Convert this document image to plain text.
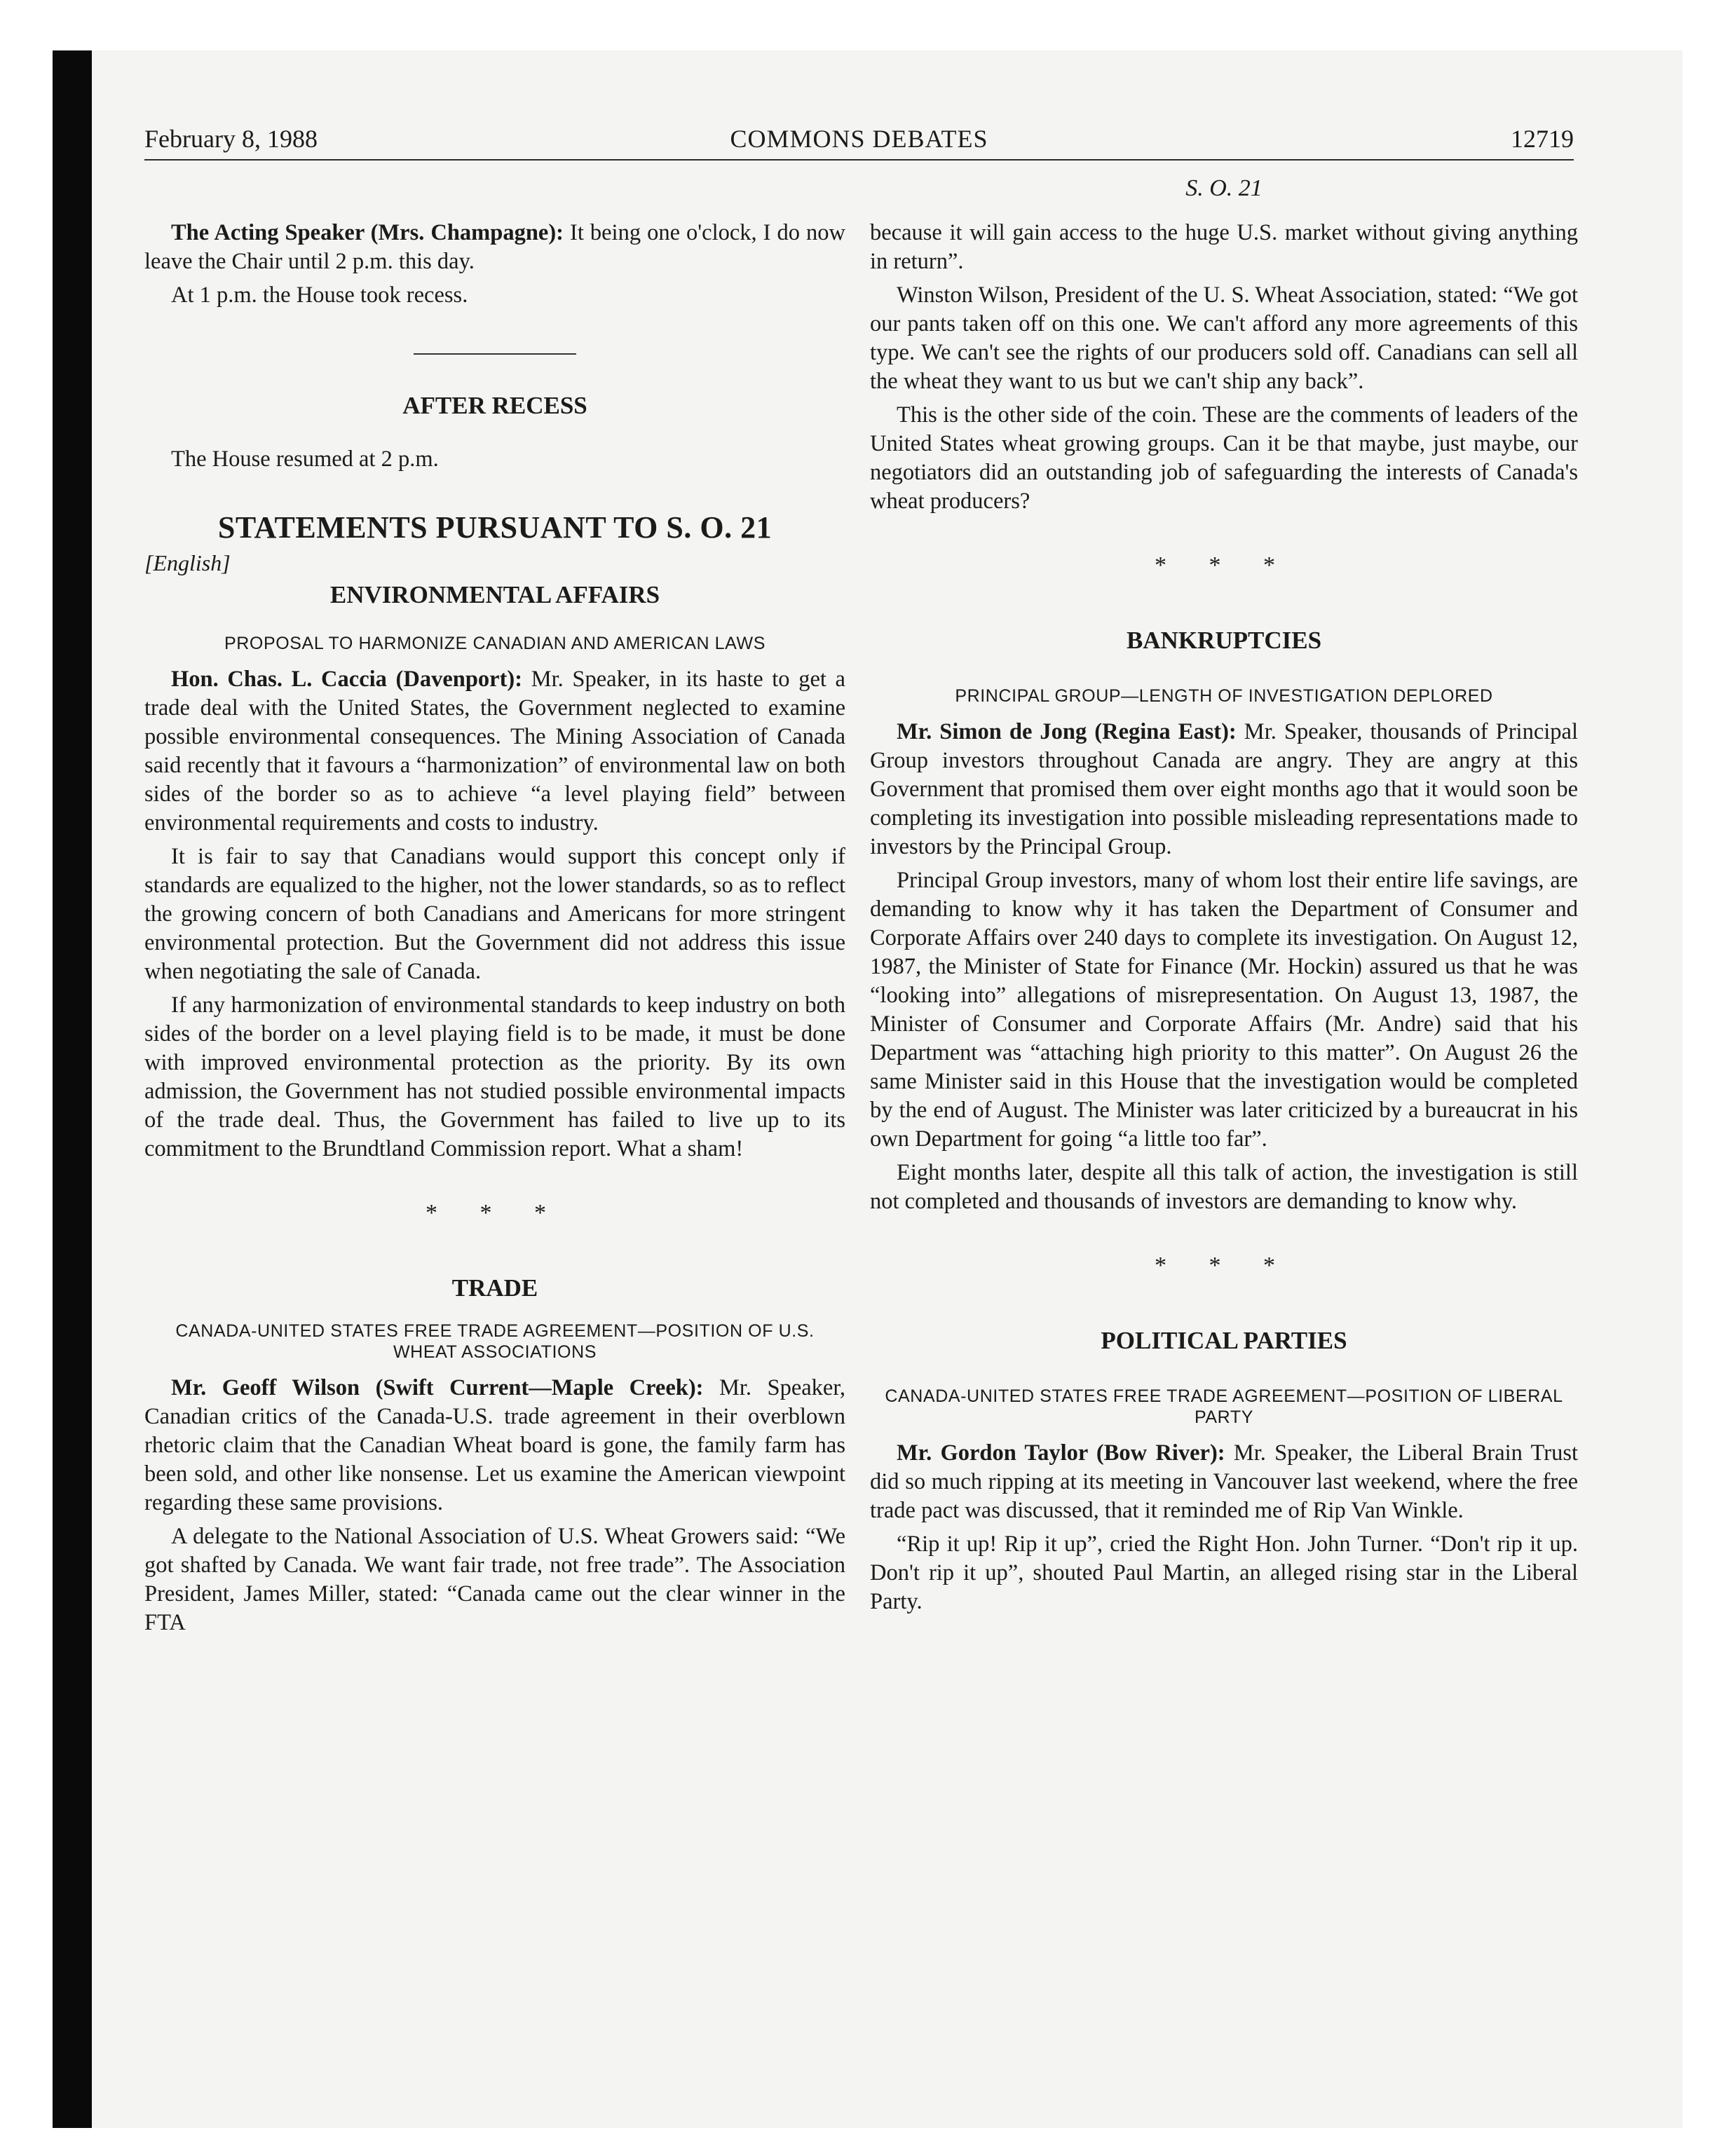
February 8, 1988	COMMONS DEBATES	12719
S. O. 21

The Acting Speaker (Mrs. Champagne): It being one o'clock, I do now leave the Chair until 2 p.m. this day.

At 1 p.m. the House took recess.

AFTER RECESS

The House resumed at 2 p.m.

STATEMENTS PURSUANT TO S. O. 21
[English]
ENVIRONMENTAL AFFAIRS
PROPOSAL TO HARMONIZE CANADIAN AND AMERICAN LAWS

Hon. Chas. L. Caccia (Davenport): Mr. Speaker, in its haste to get a trade deal with the United States, the Government neglected to examine possible environmental consequences. The Mining Association of Canada said recently that it favours a “harmonization” of environmental law on both sides of the border so as to achieve “a level playing field” between environmental requirements and costs to industry.

It is fair to say that Canadians would support this concept only if standards are equalized to the higher, not the lower standards, so as to reflect the growing concern of both Canadians and Americans for more stringent environmental protection. But the Government did not address this issue when negotiating the sale of Canada.

If any harmonization of environmental standards to keep industry on both sides of the border on a level playing field is to be made, it must be done with improved environmental protection as the priority. By its own admission, the Government has not studied possible environmental impacts of the trade deal. Thus, the Government has failed to live up to its commitment to the Brundtland Commission report. What a sham!

* * *
TRADE
CANADA-UNITED STATES FREE TRADE AGREEMENT—POSITION OF U.S. WHEAT ASSOCIATIONS

Mr. Geoff Wilson (Swift Current—Maple Creek): Mr. Speaker, Canadian critics of the Canada-U.S. trade agreement in their overblown rhetoric claim that the Canadian Wheat board is gone, the family farm has been sold, and other like nonsense. Let us examine the American viewpoint regarding these same provisions.

A delegate to the National Association of U.S. Wheat Growers said: “We got shafted by Canada. We want fair trade, not free trade”. The Association President, James Miller, stated: “Canada came out the clear winner in the FTA

because it will gain access to the huge U.S. market without giving anything in return”.

Winston Wilson, President of the U. S. Wheat Association, stated: “We got our pants taken off on this one. We can't afford any more agreements of this type. We can't see the rights of our producers sold off. Canadians can sell all the wheat they want to us but we can't ship any back”.

This is the other side of the coin. These are the comments of leaders of the United States wheat growing groups. Can it be that maybe, just maybe, our negotiators did an outstanding job of safeguarding the interests of Canada's wheat producers?

* * *
BANKRUPTCIES
PRINCIPAL GROUP—LENGTH OF INVESTIGATION DEPLORED

Mr. Simon de Jong (Regina East): Mr. Speaker, thousands of Principal Group investors throughout Canada are angry. They are angry at this Government that promised them over eight months ago that it would soon be completing its investigation into possible misleading representations made to investors by the Principal Group.

Principal Group investors, many of whom lost their entire life savings, are demanding to know why it has taken the Department of Consumer and Corporate Affairs over 240 days to complete its investigation. On August 12, 1987, the Minister of State for Finance (Mr. Hockin) assured us that he was “looking into” allegations of misrepresentation. On August 13, 1987, the Minister of Consumer and Corporate Affairs (Mr. Andre) said that his Department was “attaching high priority to this matter”. On August 26 the same Minister said in this House that the investigation would be completed by the end of August. The Minister was later criticized by a bureaucrat in his own Department for going “a little too far”.

Eight months later, despite all this talk of action, the investigation is still not completed and thousands of investors are demanding to know why.

* * *
POLITICAL PARTIES
CANADA-UNITED STATES FREE TRADE AGREEMENT—POSITION OF LIBERAL PARTY

Mr. Gordon Taylor (Bow River): Mr. Speaker, the Liberal Brain Trust did so much ripping at its meeting in Vancouver last weekend, where the free trade pact was discussed, that it reminded me of Rip Van Winkle.

“Rip it up! Rip it up”, cried the Right Hon. John Turner. “Don't rip it up. Don't rip it up”, shouted Paul Martin, an alleged rising star in the Liberal Party.
